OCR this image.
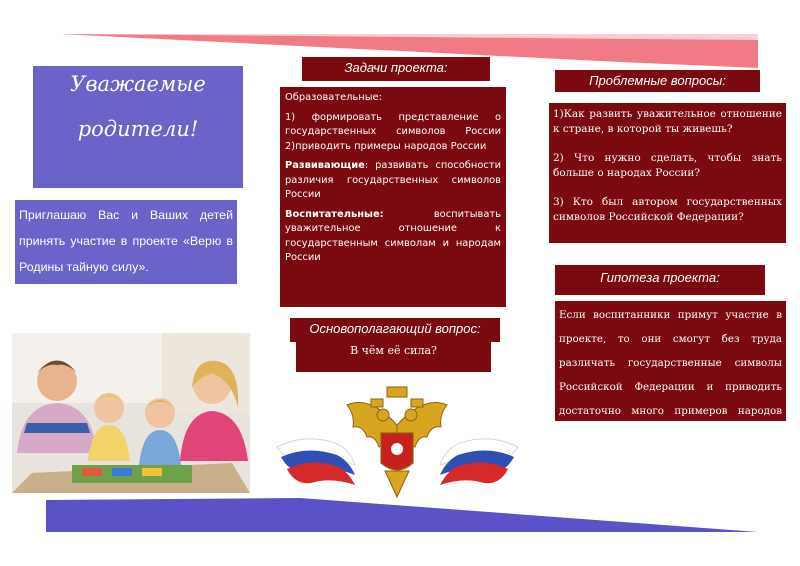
Уважаемые
родители!
Приглашаю Вас и Ваших детей принять участие в проекте «Верю в Родины тайную силу».
Задачи проекта:

Образовательные:

1) формировать представление о государственных символов России 2)приводить примеры народов России

Развивающие: развивать способности различия государственных символов России

Воспитательные: воспитывать уважительное отношение к государственным символам и народам России

Основополагающий вопрос:
В чём её сила?
Проблемные вопросы:

1)Как развить уважительное отношение к стране, в которой ты живешь?

2) Что нужно сделать, чтобы знать больше о народах России?

3) Кто был автором государственных символов Российской Федерации?

Гипотеза проекта:
Если воспитанники примут участие в проекте, то они смогут без труда различать государственные символы Российской Федерации и приводить достаточно много примеров народов России.
